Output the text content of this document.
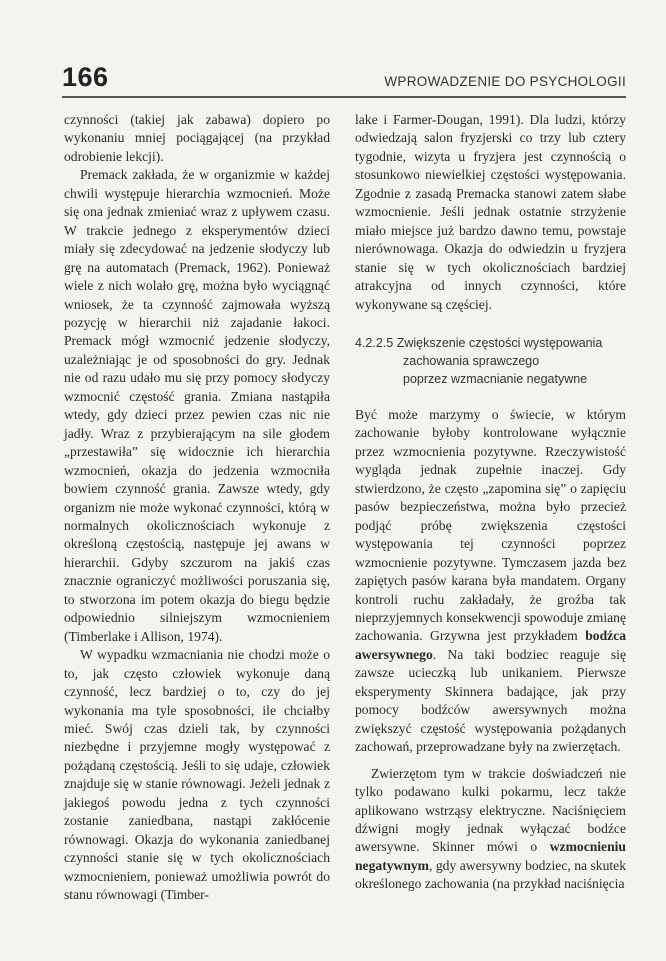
166	WPROWADZENIE DO PSYCHOLOGII

czynności (takiej jak zabawa) dopiero po wykonaniu mniej pociągającej (na przykład odrobienie lekcji).

Premack zakłada, że w organizmie w każdej chwili występuje hierarchia wzmocnień. Może się ona jednak zmieniać wraz z upływem czasu. W trakcie jednego z eksperymentów dzieci miały się zdecydować na jedzenie słodyczy lub grę na automatach (Premack, 1962). Ponieważ wiele z nich wolało grę, można było wyciągnąć wniosek, że ta czynność zajmowała wyższą pozycję w hierarchii niż zajadanie łakoci. Premack mógł wzmocnić jedzenie słodyczy, uzależniając je od sposobności do gry. Jednak nie od razu udało mu się przy pomocy słodyczy wzmocnić częstość grania. Zmiana nastąpiła wtedy, gdy dzieci przez pewien czas nic nie jadły. Wraz z przybierającym na sile głodem „przestawiła” się widocznie ich hierarchia wzmocnień, okazja do jedzenia wzmocniła bowiem czynność grania. Zawsze wtedy, gdy organizm nie może wykonać czynności, którą w normalnych okolicznościach wykonuje z określoną częstością, następuje jej awans w hierarchii. Gdyby szczurom na jakiś czas znacznie ograniczyć możliwości poruszania się, to stworzona im potem okazja do biegu będzie odpowiednio silniejszym wzmocnieniem (Timberlake i Allison, 1974).

W wypadku wzmacniania nie chodzi może o to, jak często człowiek wykonuje daną czynność, lecz bardziej o to, czy do jej wykonania ma tyle sposobności, ile chciałby mieć. Swój czas dzieli tak, by czynności niezbędne i przyjemne mogły występować z pożądaną częstością. Jeśli to się udaje, człowiek znajduje się w stanie równowagi. Jeżeli jednak z jakiegoś powodu jedna z tych czynności zostanie zaniedbana, nastąpi zakłócenie równowagi. Okazja do wykonania zaniedbanej czynności stanie się w tych okolicznościach wzmocnieniem, ponieważ umożliwia powrót do stanu równowagi (Timber-

lake i Farmer-Dougan, 1991). Dla ludzi, którzy odwiedzają salon fryzjerski co trzy lub cztery tygodnie, wizyta u fryzjera jest czynnością o stosunkowo niewielkiej częstości występowania. Zgodnie z zasadą Premacka stanowi zatem słabe wzmocnienie. Jeśli jednak ostatnie strzyżenie miało miejsce już bardzo dawno temu, powstaje nierównowaga. Okazja do odwiedzin u fryzjera stanie się w tych okolicznościach bardziej atrakcyjna od innych czynności, które wykonywane są częściej.

4.2.2.5 Zwiększenie częstości występowania
zachowania sprawczego
poprzez wzmacnianie negatywne

Być może marzymy o świecie, w którym zachowanie byłoby kontrolowane wyłącznie przez wzmocnienia pozytywne. Rzeczywistość wygląda jednak zupełnie inaczej. Gdy stwierdzono, że często „zapomina się” o zapięciu pasów bezpieczeństwa, można było przecież podjąć próbę zwiększenia częstości występowania tej czynności poprzez wzmocnienie pozytywne. Tymczasem jazda bez zapiętych pasów karana była mandatem. Organy kontroli ruchu zakładały, że groźba tak nieprzyjemnych konsekwencji spowoduje zmianę zachowania. Grzywna jest przykładem bodźca awersywnego. Na taki bodziec reaguje się zawsze ucieczką lub unikaniem. Pierwsze eksperymenty Skinnera badające, jak przy pomocy bodźców awersywnych można zwiększyć częstość występowania pożądanych zachowań, przeprowadzane były na zwierzętach.

Zwierzętom tym w trakcie doświadczeń nie tylko podawano kulki pokarmu, lecz także aplikowano wstrząsy elektryczne. Naciśnięciem dźwigni mogły jednak wyłączać bodźce awersywne. Skinner mówi o wzmocnieniu negatywnym, gdy awersywny bodziec, na skutek określonego zachowania (na przykład naciśnięcia
